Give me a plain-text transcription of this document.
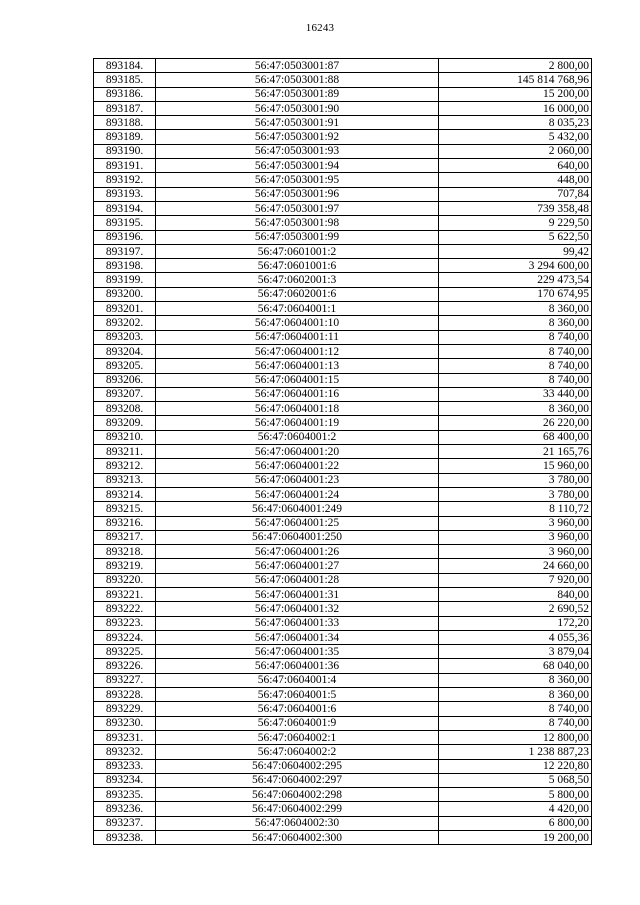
16243
893184.	56:47:0503001:87	2 800,00
893185.	56:47:0503001:88	145 814 768,96
893186.	56:47:0503001:89	15 200,00
893187.	56:47:0503001:90	16 000,00
893188.	56:47:0503001:91	8 035,23
893189.	56:47:0503001:92	5 432,00
893190.	56:47:0503001:93	2 060,00
893191.	56:47:0503001:94	640,00
893192.	56:47:0503001:95	448,00
893193.	56:47:0503001:96	707,84
893194.	56:47:0503001:97	739 358,48
893195.	56:47:0503001:98	9 229,50
893196.	56:47:0503001:99	5 622,50
893197.	56:47:0601001:2	99,42
893198.	56:47:0601001:6	3 294 600,00
893199.	56:47:0602001:3	229 473,54
893200.	56:47:0602001:6	170 674,95
893201.	56:47:0604001:1	8 360,00
893202.	56:47:0604001:10	8 360,00
893203.	56:47:0604001:11	8 740,00
893204.	56:47:0604001:12	8 740,00
893205.	56:47:0604001:13	8 740,00
893206.	56:47:0604001:15	8 740,00
893207.	56:47:0604001:16	33 440,00
893208.	56:47:0604001:18	8 360,00
893209.	56:47:0604001:19	26 220,00
893210.	56:47:0604001:2	68 400,00
893211.	56:47:0604001:20	21 165,76
893212.	56:47:0604001:22	15 960,00
893213.	56:47:0604001:23	3 780,00
893214.	56:47:0604001:24	3 780,00
893215.	56:47:0604001:249	8 110,72
893216.	56:47:0604001:25	3 960,00
893217.	56:47:0604001:250	3 960,00
893218.	56:47:0604001:26	3 960,00
893219.	56:47:0604001:27	24 660,00
893220.	56:47:0604001:28	7 920,00
893221.	56:47:0604001:31	840,00
893222.	56:47:0604001:32	2 690,52
893223.	56:47:0604001:33	172,20
893224.	56:47:0604001:34	4 055,36
893225.	56:47:0604001:35	3 879,04
893226.	56:47:0604001:36	68 040,00
893227.	56:47:0604001:4	8 360,00
893228.	56:47:0604001:5	8 360,00
893229.	56:47:0604001:6	8 740,00
893230.	56:47:0604001:9	8 740,00
893231.	56:47:0604002:1	12 800,00
893232.	56:47:0604002:2	1 238 887,23
893233.	56:47:0604002:295	12 220,80
893234.	56:47:0604002:297	5 068,50
893235.	56:47:0604002:298	5 800,00
893236.	56:47:0604002:299	4 420,00
893237.	56:47:0604002:30	6 800,00
893238.	56:47:0604002:300	19 200,00
